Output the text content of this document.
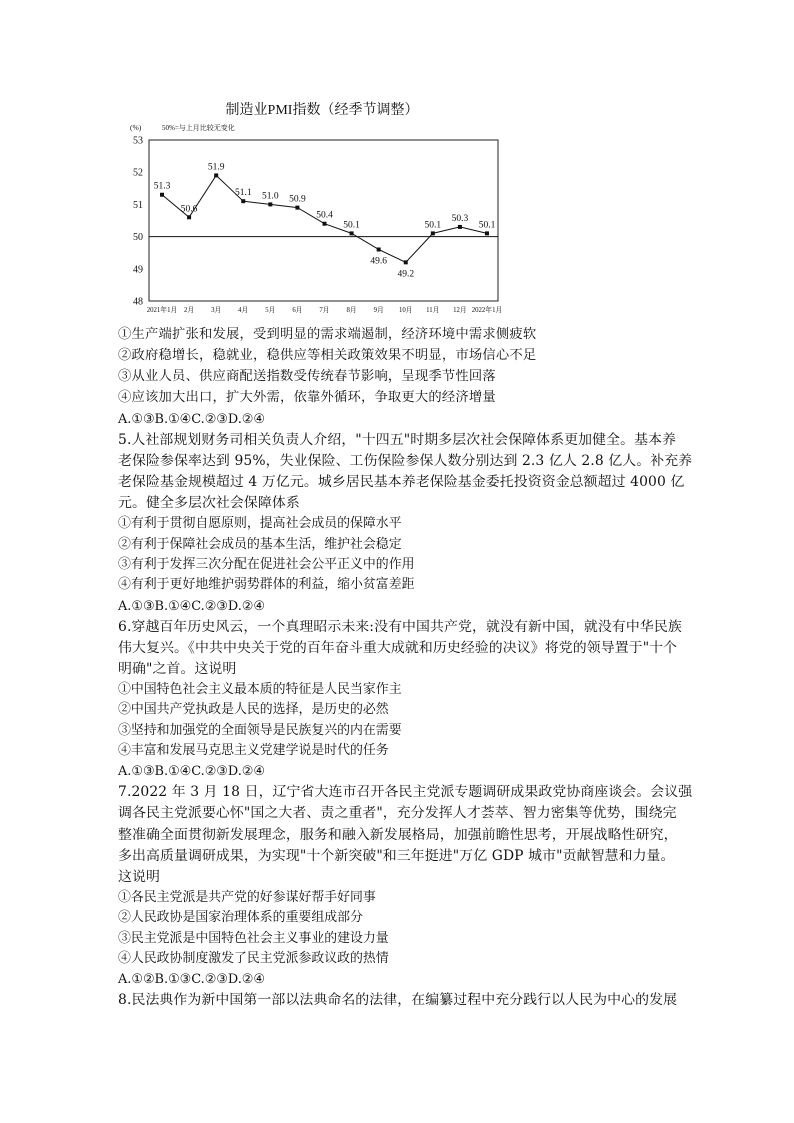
制造业PMI指数（经季节调整）
(%)	50%=与上月比较无变化
53
52
51
50
49
48
2021年1月 2月 3月 4月 5月 6月 7月 8月 9月 10月 11月 12月 2022年1月
51.3
50.6
51.9
51.1 51.0 50.9
50.4
50.1
49.6
49.2
50.1
50.3
50.1
①生产端扩张和发展，受到明显的需求端遏制，经济环境中需求侧疲软
②政府稳增长，稳就业，稳供应等相关政策效果不明显，市场信心不足
③从业人员、供应商配送指数受传统春节影响，呈现季节性回落
④应该加大出口，扩大外需，依靠外循环，争取更大的经济增量
A.①③B.①④C.②③D.②④
5.人社部规划财务司相关负责人介绍，"十四五"时期多层次社会保障体系更加健全。基本养
老保险参保率达到 95%，失业保险、工伤保险参保人数分别达到 2.3 亿人 2.8 亿人。补充养
老保险基金规模超过 4 万亿元。城乡居民基本养老保险基金委托投资资金总额超过 4000 亿
元。健全多层次社会保障体系
①有利于贯彻自愿原则，提高社会成员的保障水平
②有利于保障社会成员的基本生活，维护社会稳定
③有利于发挥三次分配在促进社会公平正义中的作用
④有利于更好地维护弱势群体的利益，缩小贫富差距
A.①③B.①④C.②③D.②④
6.穿越百年历史风云，一个真理昭示未来:没有中国共产党，就没有新中国，就没有中华民族
伟大复兴。《中共中央关于党的百年奋斗重大成就和历史经验的决议》将党的领导置于"十个
明确"之首。这说明
①中国特色社会主义最本质的特征是人民当家作主
②中国共产党执政是人民的选择，是历史的必然
③坚持和加强党的全面领导是民族复兴的内在需要
④丰富和发展马克思主义党建学说是时代的任务
A.①③B.①④C.②③D.②④
7.2022 年 3 月 18 日，辽宁省大连市召开各民主党派专题调研成果政党协商座谈会。会议强
调各民主党派要心怀"国之大者、责之重者"，充分发挥人才荟萃、智力密集等优势，围绕完
整准确全面贯彻新发展理念，服务和融入新发展格局，加强前瞻性思考，开展战略性研究，
多出高质量调研成果，为实现"十个新突破"和三年挺进"万亿 GDP 城市"贡献智慧和力量。
这说明
①各民主党派是共产党的好参谋好帮手好同事
②人民政协是国家治理体系的重要组成部分
③民主党派是中国特色社会主义事业的建设力量
④人民政协制度激发了民主党派参政议政的热情
A.①②B.①③C.②③D.②④
8.民法典作为新中国第一部以法典命名的法律，在编纂过程中充分践行以人民为中心的发展
